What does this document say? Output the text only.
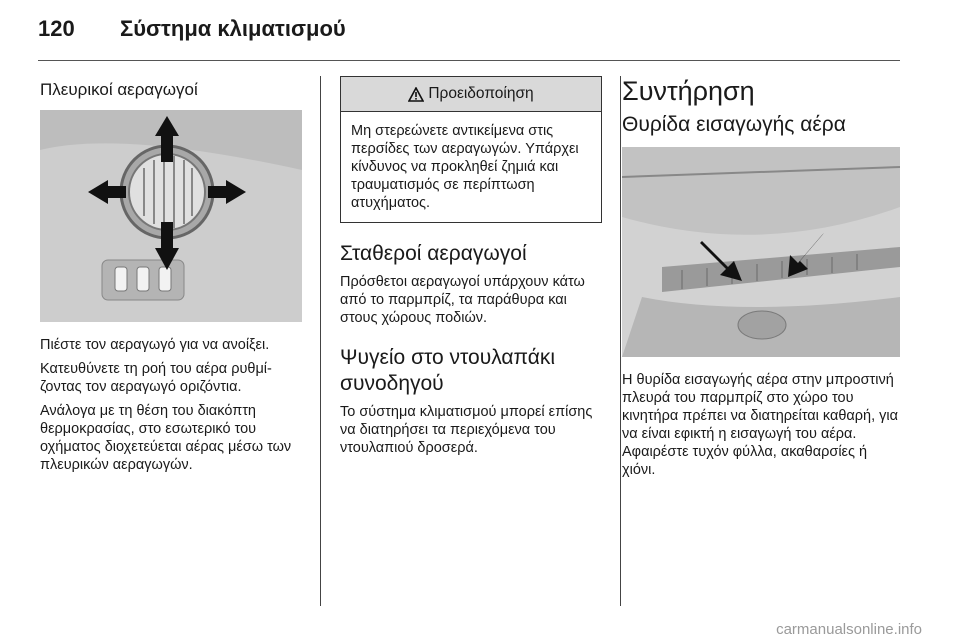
120 Σύστημα κλιματισμού
Πλευρικοί αεραγωγοί

Πιέστε τον αεραγωγό για να ανοίξει.

Κατευθύνετε τη ροή του αέρα ρυθμίζοντας τον αεραγωγό οριζόντια.

Ανάλογα με τη θέση του διακόπτη θερμοκρασίας, στο εσωτερικό του οχήματος διοχετεύεται αέρας μέσω των πλευρικών αεραγωγών.

Προειδοποίηση
Μη στερεώνετε αντικείμενα στις περσίδες των αεραγωγών. Υπάρχει κίνδυνος να προκληθεί ζημιά και τραυματισμός σε περίπτωση ατυχήματος.
Σταθεροί αεραγωγοί

Πρόσθετοι αεραγωγοί υπάρχουν κάτω από το παρμπρίζ, τα παράθυρα και στους χώρους ποδιών.

Ψυγείο στο ντουλαπάκι συνοδηγού

Το σύστημα κλιματισμού μπορεί επίσης να διατηρήσει τα περιεχόμενα του ντουλαπιού δροσερά.

Συντήρηση
Θυρίδα εισαγωγής αέρα

Η θυρίδα εισαγωγής αέρα στην μπροστινή πλευρά του παρμπρίζ στο χώρο του κινητήρα πρέπει να διατηρείται καθαρή, για να είναι εφικτή η εισαγωγή του αέρα. Αφαιρέστε τυχόν φύλλα, ακαθαρσίες ή χιόνι.

carmanualsonline.info
